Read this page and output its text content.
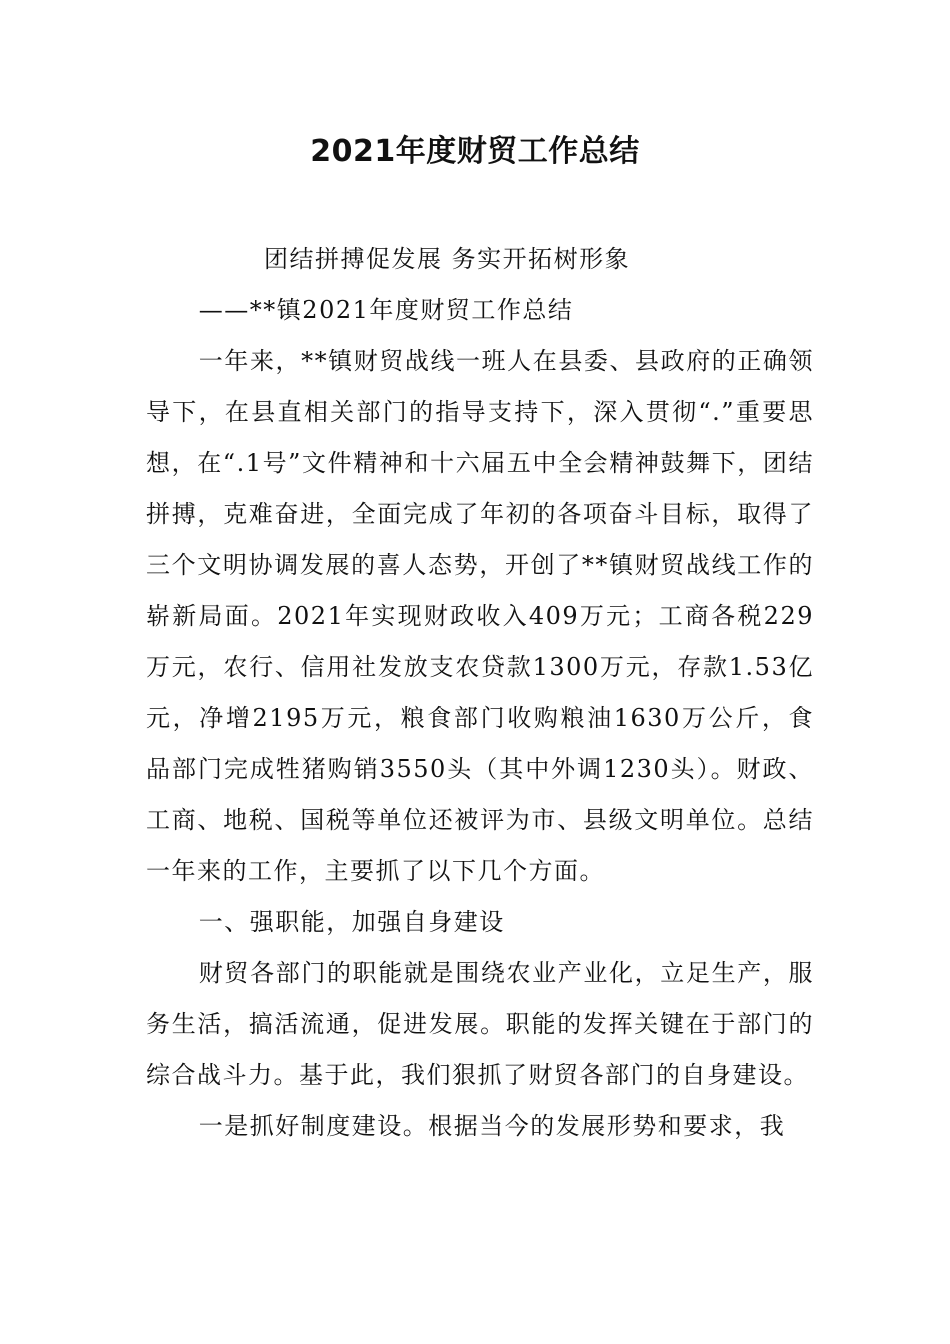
2021年度财贸工作总结

团结拼搏促发展 务实开拓树形象

——**镇2021年度财贸工作总结

一年来，**镇财贸战线一班人在县委、县政府的正确领导下，在县直相关部门的指导支持下，深入贯彻“.”重要思想，在“.1号”文件精神和十六届五中全会精神鼓舞下，团结拼搏，克难奋进，全面完成了年初的各项奋斗目标，取得了三个文明协调发展的喜人态势，开创了**镇财贸战线工作的崭新局面。2021年实现财政收入409万元；工商各税229万元，农行、信用社发放支农贷款1300万元，存款1.53亿元，净增2195万元，粮食部门收购粮油1630万公斤，食品部门完成牲猪购销3550头（其中外调1230头）。财政、工商、地税、国税等单位还被评为市、县级文明单位。总结一年来的工作，主要抓了以下几个方面。

一、强职能，加强自身建设

财贸各部门的职能就是围绕农业产业化，立足生产，服务生活，搞活流通，促进发展。职能的发挥关键在于部门的综合战斗力。基于此，我们狠抓了财贸各部门的自身建设。

一是抓好制度建设。根据当今的发展形势和要求，我
